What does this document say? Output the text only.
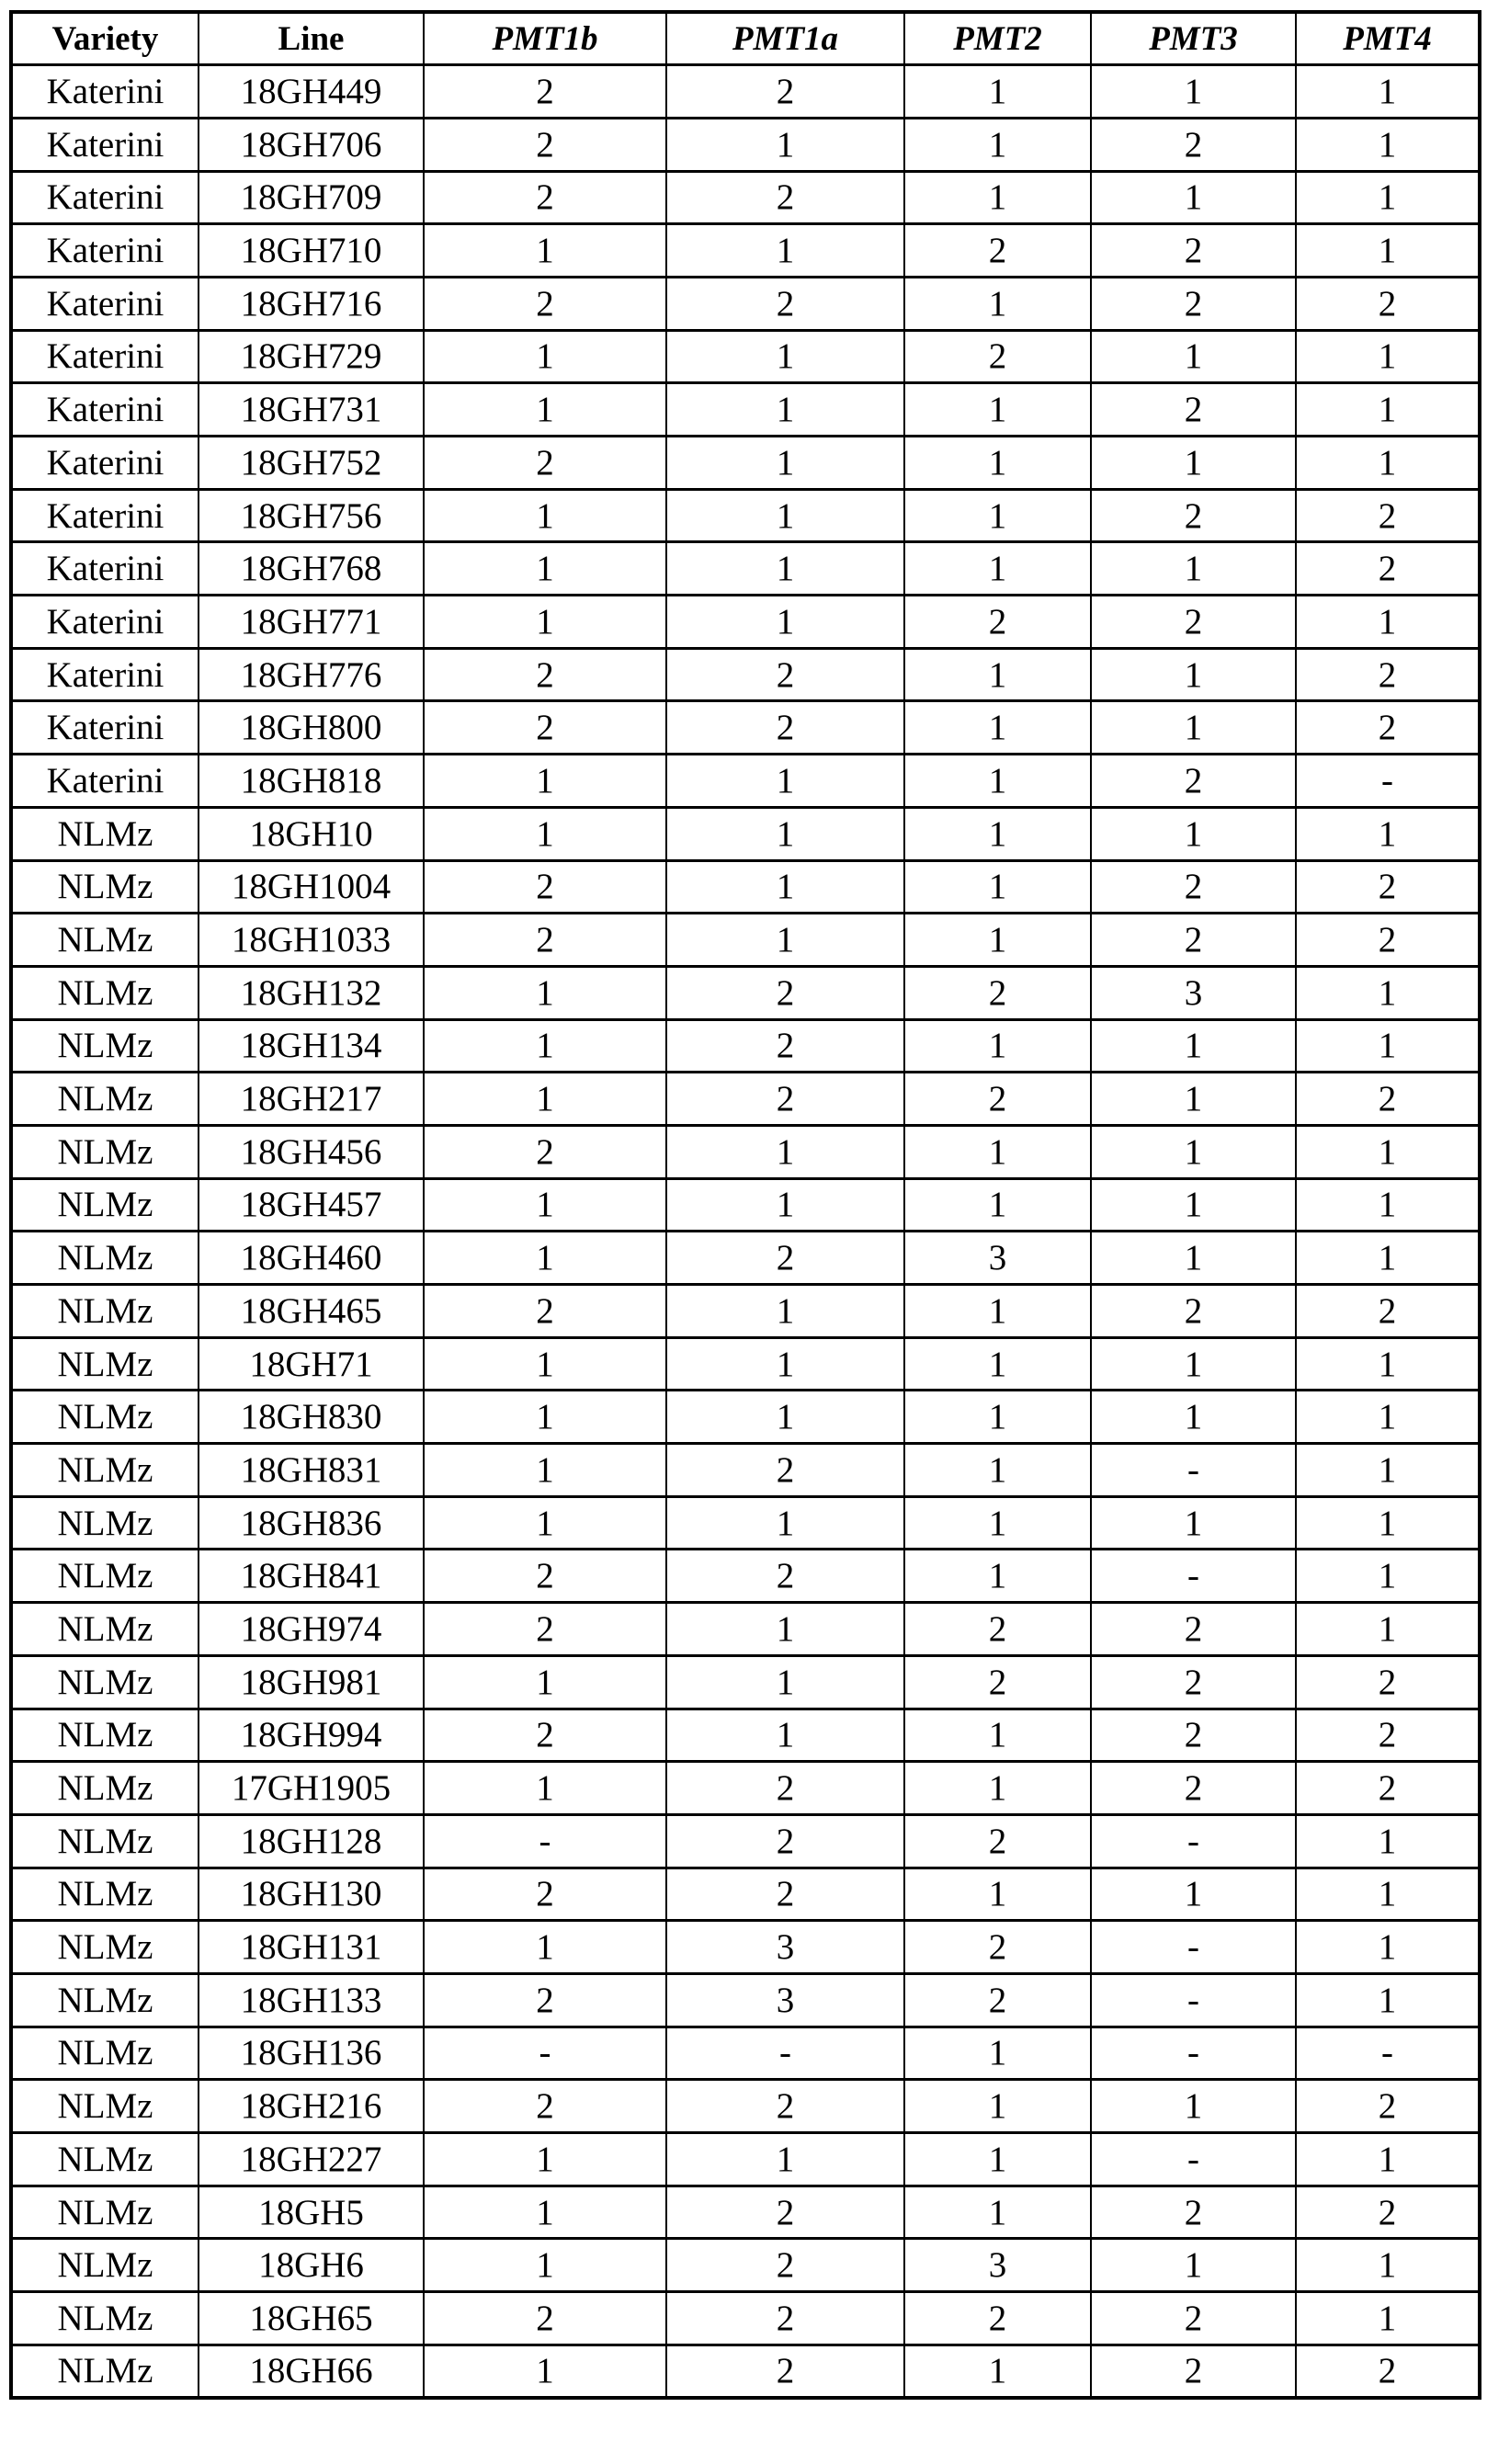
Variety	Line	PMT1b	PMT1a	PMT2	PMT3	PMT4
Katerini	18GH449	2	2	1	1	1
Katerini	18GH706	2	1	1	2	1
Katerini	18GH709	2	2	1	1	1
Katerini	18GH710	1	1	2	2	1
Katerini	18GH716	2	2	1	2	2
Katerini	18GH729	1	1	2	1	1
Katerini	18GH731	1	1	1	2	1
Katerini	18GH752	2	1	1	1	1
Katerini	18GH756	1	1	1	2	2
Katerini	18GH768	1	1	1	1	2
Katerini	18GH771	1	1	2	2	1
Katerini	18GH776	2	2	1	1	2
Katerini	18GH800	2	2	1	1	2
Katerini	18GH818	1	1	1	2	-
NLMz	18GH10	1	1	1	1	1
NLMz	18GH1004	2	1	1	2	2
NLMz	18GH1033	2	1	1	2	2
NLMz	18GH132	1	2	2	3	1
NLMz	18GH134	1	2	1	1	1
NLMz	18GH217	1	2	2	1	2
NLMz	18GH456	2	1	1	1	1
NLMz	18GH457	1	1	1	1	1
NLMz	18GH460	1	2	3	1	1
NLMz	18GH465	2	1	1	2	2
NLMz	18GH71	1	1	1	1	1
NLMz	18GH830	1	1	1	1	1
NLMz	18GH831	1	2	1	-	1
NLMz	18GH836	1	1	1	1	1
NLMz	18GH841	2	2	1	-	1
NLMz	18GH974	2	1	2	2	1
NLMz	18GH981	1	1	2	2	2
NLMz	18GH994	2	1	1	2	2
NLMz	17GH1905	1	2	1	2	2
NLMz	18GH128	-	2	2	-	1
NLMz	18GH130	2	2	1	1	1
NLMz	18GH131	1	3	2	-	1
NLMz	18GH133	2	3	2	-	1
NLMz	18GH136	-	-	1	-	-
NLMz	18GH216	2	2	1	1	2
NLMz	18GH227	1	1	1	-	1
NLMz	18GH5	1	2	1	2	2
NLMz	18GH6	1	2	3	1	1
NLMz	18GH65	2	2	2	2	1
NLMz	18GH66	1	2	1	2	2
